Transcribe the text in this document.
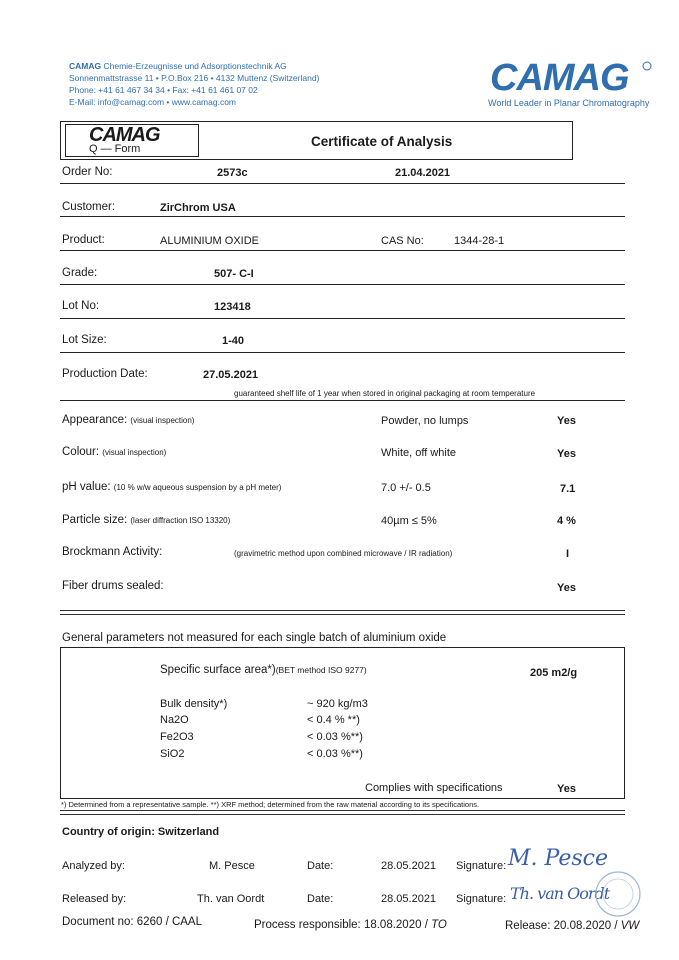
CAMAG Chemie-Erzeugnisse und Adsorptionstechnik AG
Sonnenmattstrasse 11 • P.O.Box 216 • 4132 Muttenz (Switzerland)
Phone: +41 61 467 34 34 • Fax: +41 61 461 07 02
E-Mail: info@camag.com • www.camag.com
CAMAG
World Leader in Planar Chromatography
CAMAG
Q — Form	Certificate of Analysis
Order No:	2573c	21.04.2021
Customer:	ZirChrom USA
Product:	ALUMINIUM OXIDE	CAS No:	1344-28-1
Grade:	507- C-I
Lot No:	123418
Lot Size:	1-40
Production Date:	27.05.2021
guaranteed shelf life of 1 year when stored in original packaging at room temperature
Appearance: (visual inspection)	Powder, no lumps	Yes
Colour: (visual inspection)	White, off white	Yes
pH value: (10 % w/w aqueous suspension by a pH meter)	7.0 +/- 0.5	7.1
Particle size: (laser diffraction ISO 13320)	40µm ≤ 5%	4 %
Brockmann Activity:	(gravimetric method upon combined microwave / IR radiation)	I
Fiber drums sealed:	Yes
General parameters not measured for each single batch of aluminium oxide
Specific surface area*)(BET method ISO 9277)	205 m2/g
Bulk density*)	~ 920 kg/m3
Na2O	< 0.4 % **)
Fe2O3	< 0.03 %**)
SiO2	< 0.03 %**)
Complies with specifications	Yes
*) Determined from a representative sample. **) XRF method; determined from the raw material according to its specifications.
Country of origin: Switzerland
Analyzed by:	M. Pesce	Date:	28.05.2021 Signature: M. Pesce
Released by:	Th. van Oordt	Date:	28.05.2021 Signature: Th. van Oordt
Document no: 6260 / CAAL	Process responsible: 18.08.2020 / TO	Release: 20.08.2020 / VW
